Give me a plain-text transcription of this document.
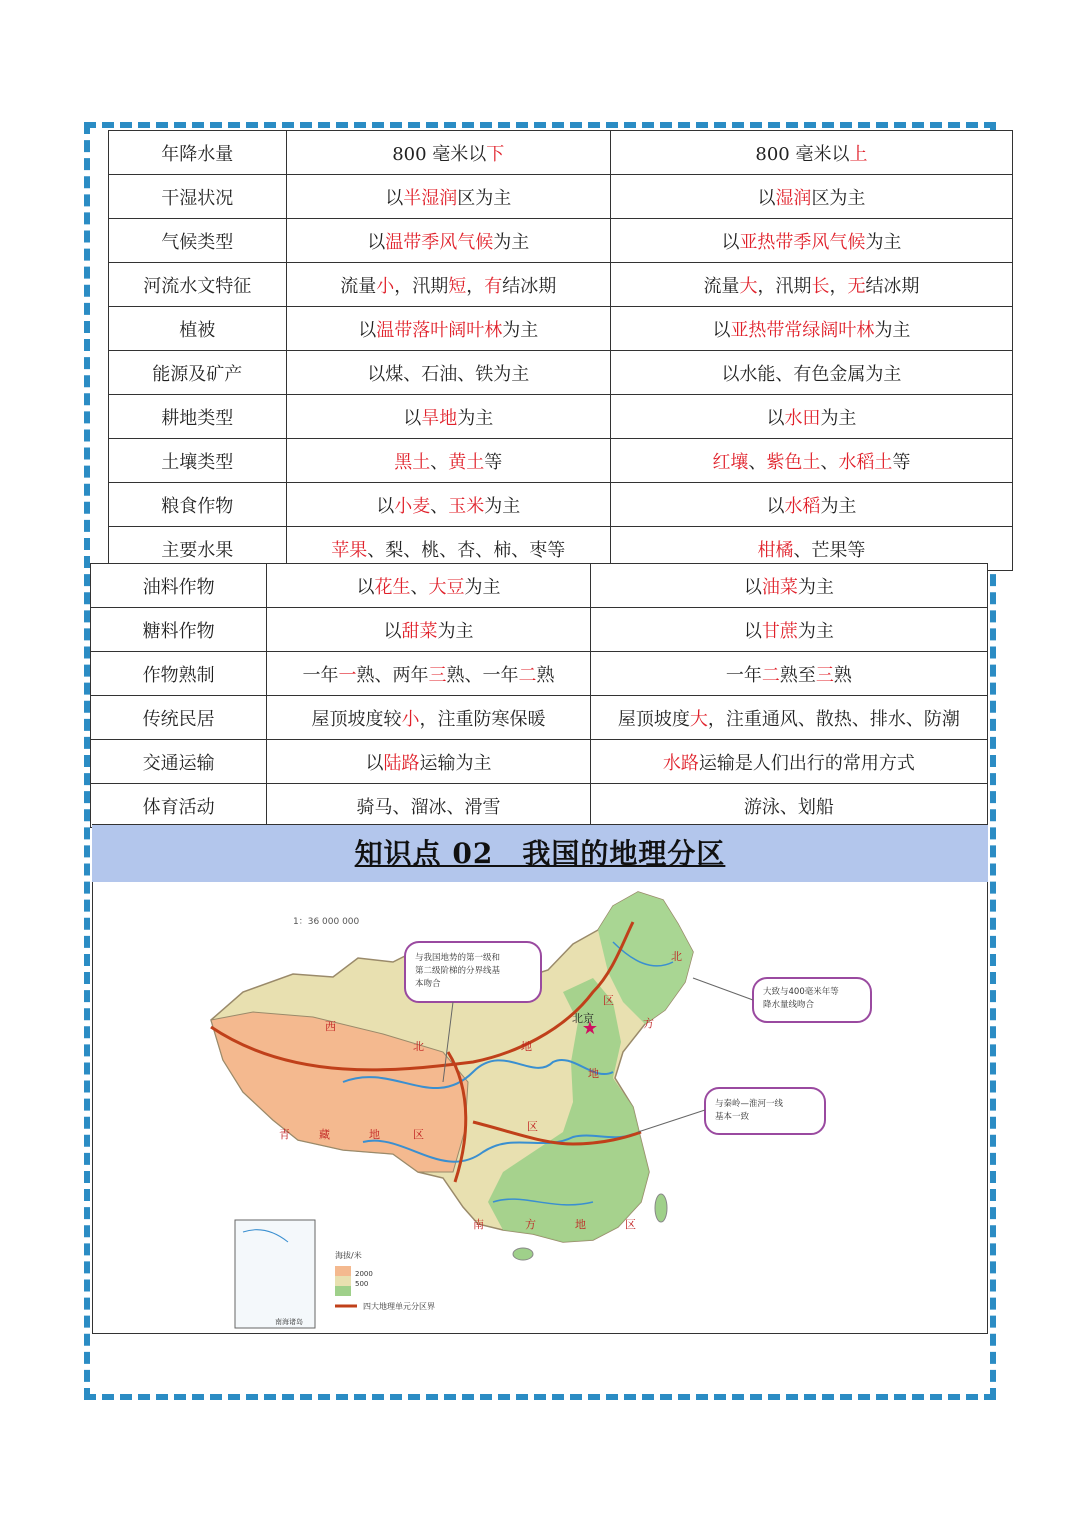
年降水量	800 毫米以下	800 毫米以上
干湿状况	以半湿润区为主	以湿润区为主
气候类型	以温带季风气候为主	以亚热带季风气候为主
河流水文特征	流量小，汛期短，有结冰期	流量大，汛期长，无结冰期
植被	以温带落叶阔叶林为主	以亚热带常绿阔叶林为主
能源及矿产	以煤、石油、铁为主	以水能、有色金属为主
耕地类型	以旱地为主	以水田为主
土壤类型	黑土、黄土等	红壤、紫色土、水稻土等
粮食作物	以小麦、玉米为主	以水稻为主
主要水果	苹果、梨、桃、杏、柿、枣等	柑橘、芒果等
油料作物	以花生、大豆为主	以油菜为主
糖料作物	以甜菜为主	以甘蔗为主
作物熟制	一年一熟、两年三熟、一年二熟	一年二熟至三熟
传统民居	屋顶坡度较小，注重防寒保暖	屋顶坡度大，注重通风、散热、排水、防潮
交通运输	以陆路运输为主	水路运输是人们出行的常用方式
体育活动	骑马、溜冰、滑雪	游泳、划船
知识点 02　我国的地理分区
1：36 000 000
★
北京
北
方
地
区
西
北	地
区
青	藏	地	区
南	方	地	区
与我国地势的第一级和
第二级阶梯的分界线基
本吻合
大致与400毫米年等
降水量线吻合
与秦岭—淮河一线
基本一致
南海诸岛
海拔/米
2000
500
四大地理单元分区界
